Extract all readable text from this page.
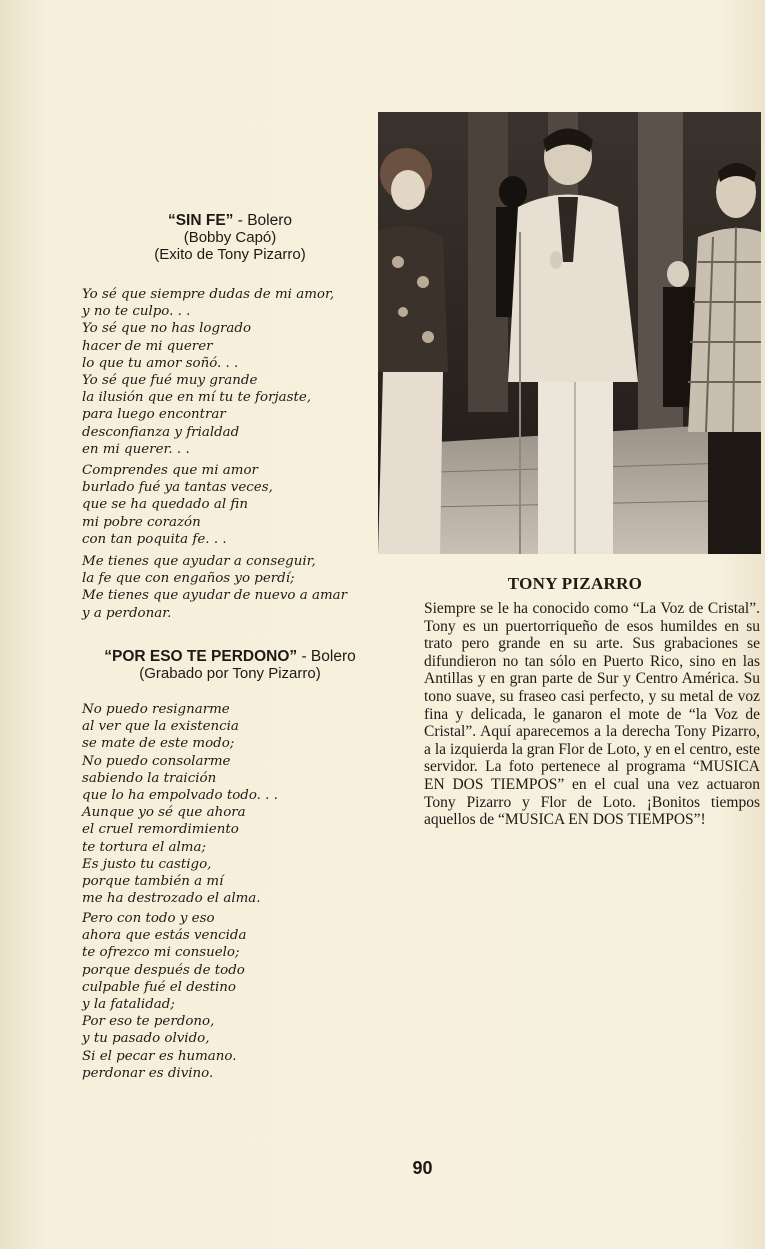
“SIN FE” - Bolero
(Bobby Capó)
(Exito de Tony Pizarro)
Yo sé que siempre dudas de mi amor,
y no te culpo. . .
Yo sé que no has logrado
hacer de mi querer
lo que tu amor soñó. . .
Yo sé que fué muy grande
la ilusión que en mí tu te forjaste,
para luego encontrar
desconfianza y frialdad
en mi querer. . .
Comprendes que mi amor
burlado fué ya tantas veces,
que se ha quedado al fin
mi pobre corazón
con tan poquita fe. . .
Me tienes que ayudar a conseguir,
la fe que con engaños yo perdí;
Me tienes que ayudar de nuevo a amar
y a perdonar.
“POR ESO TE PERDONO” - Bolero
(Grabado por Tony Pizarro)
No puedo resignarme
al ver que la existencia
se mate de este modo;
No puedo consolarme
sabiendo la traición
que lo ha empolvado todo. . .
Aunque yo sé que ahora
el cruel remordimiento
te tortura el alma;
Es justo tu castigo,
porque también a mí
me ha destrozado el alma.
Pero con todo y eso
ahora que estás vencida
te ofrezco mi consuelo;
porque después de todo
culpable fué el destino
y la fatalidad;
Por eso te perdono,
y tu pasado olvido,
Si el pecar es humano.
perdonar es divino.
TONY PIZARRO
Siempre se le ha conocido como “La Voz de Cristal”. Tony es un puertorriqueño de esos humildes en su trato pero grande en su arte. Sus grabaciones se difundieron no tan sólo en Puerto Rico, sino en las Antillas y en gran parte de Sur y Centro América. Su tono suave, su fraseo casi perfecto, y su metal de voz fina y delicada, le ganaron el mote de “la Voz de Cristal”. Aquí aparecemos a la derecha Tony Pizarro, a la izquierda la gran Flor de Loto, y en el centro, este servidor. La foto pertenece al programa “MUSICA EN DOS TIEMPOS” en el cual una vez actuaron Tony Pizarro y Flor de Loto. ¡Bonitos tiempos aquellos de “MUSICA EN DOS TIEMPOS”!
90
